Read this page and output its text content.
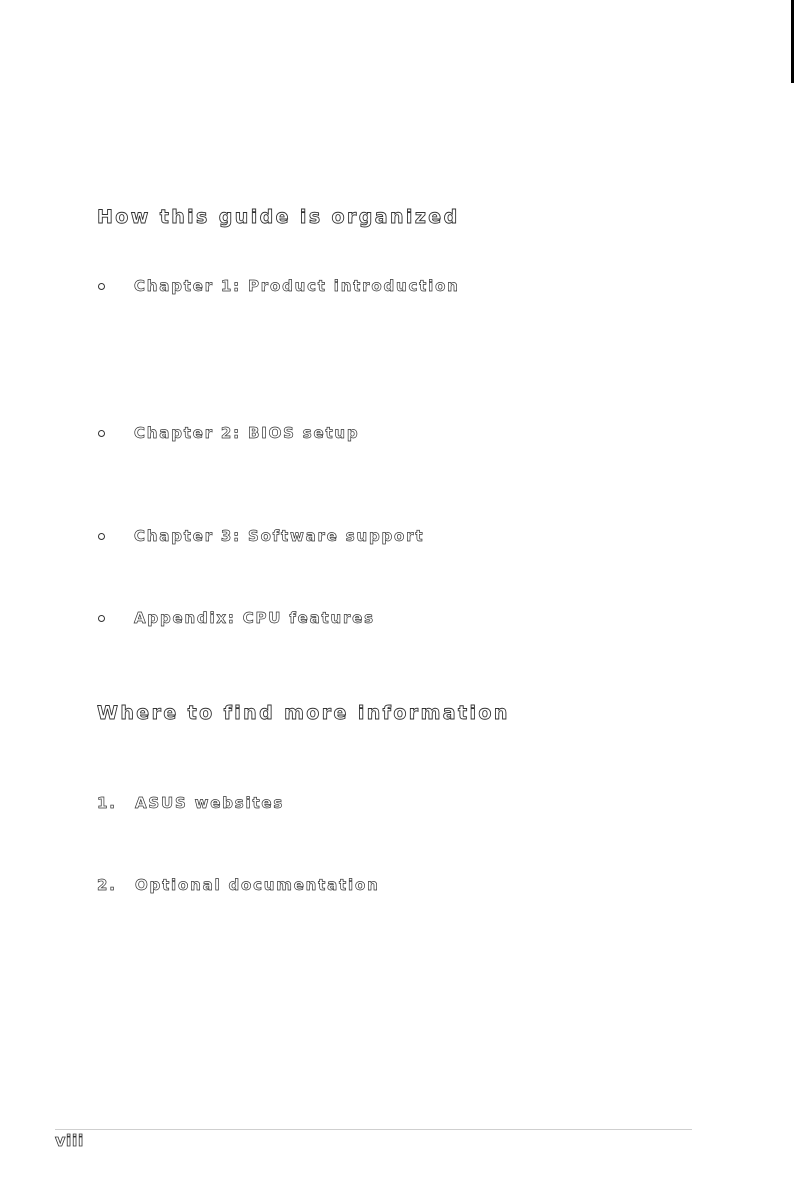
How this guide is organized
Chapter 1: Product introduction
Chapter 2: BIOS setup
Chapter 3: Software support
Appendix: CPU features
Where to find more information
1.	ASUS websites
2.	Optional documentation
viii
